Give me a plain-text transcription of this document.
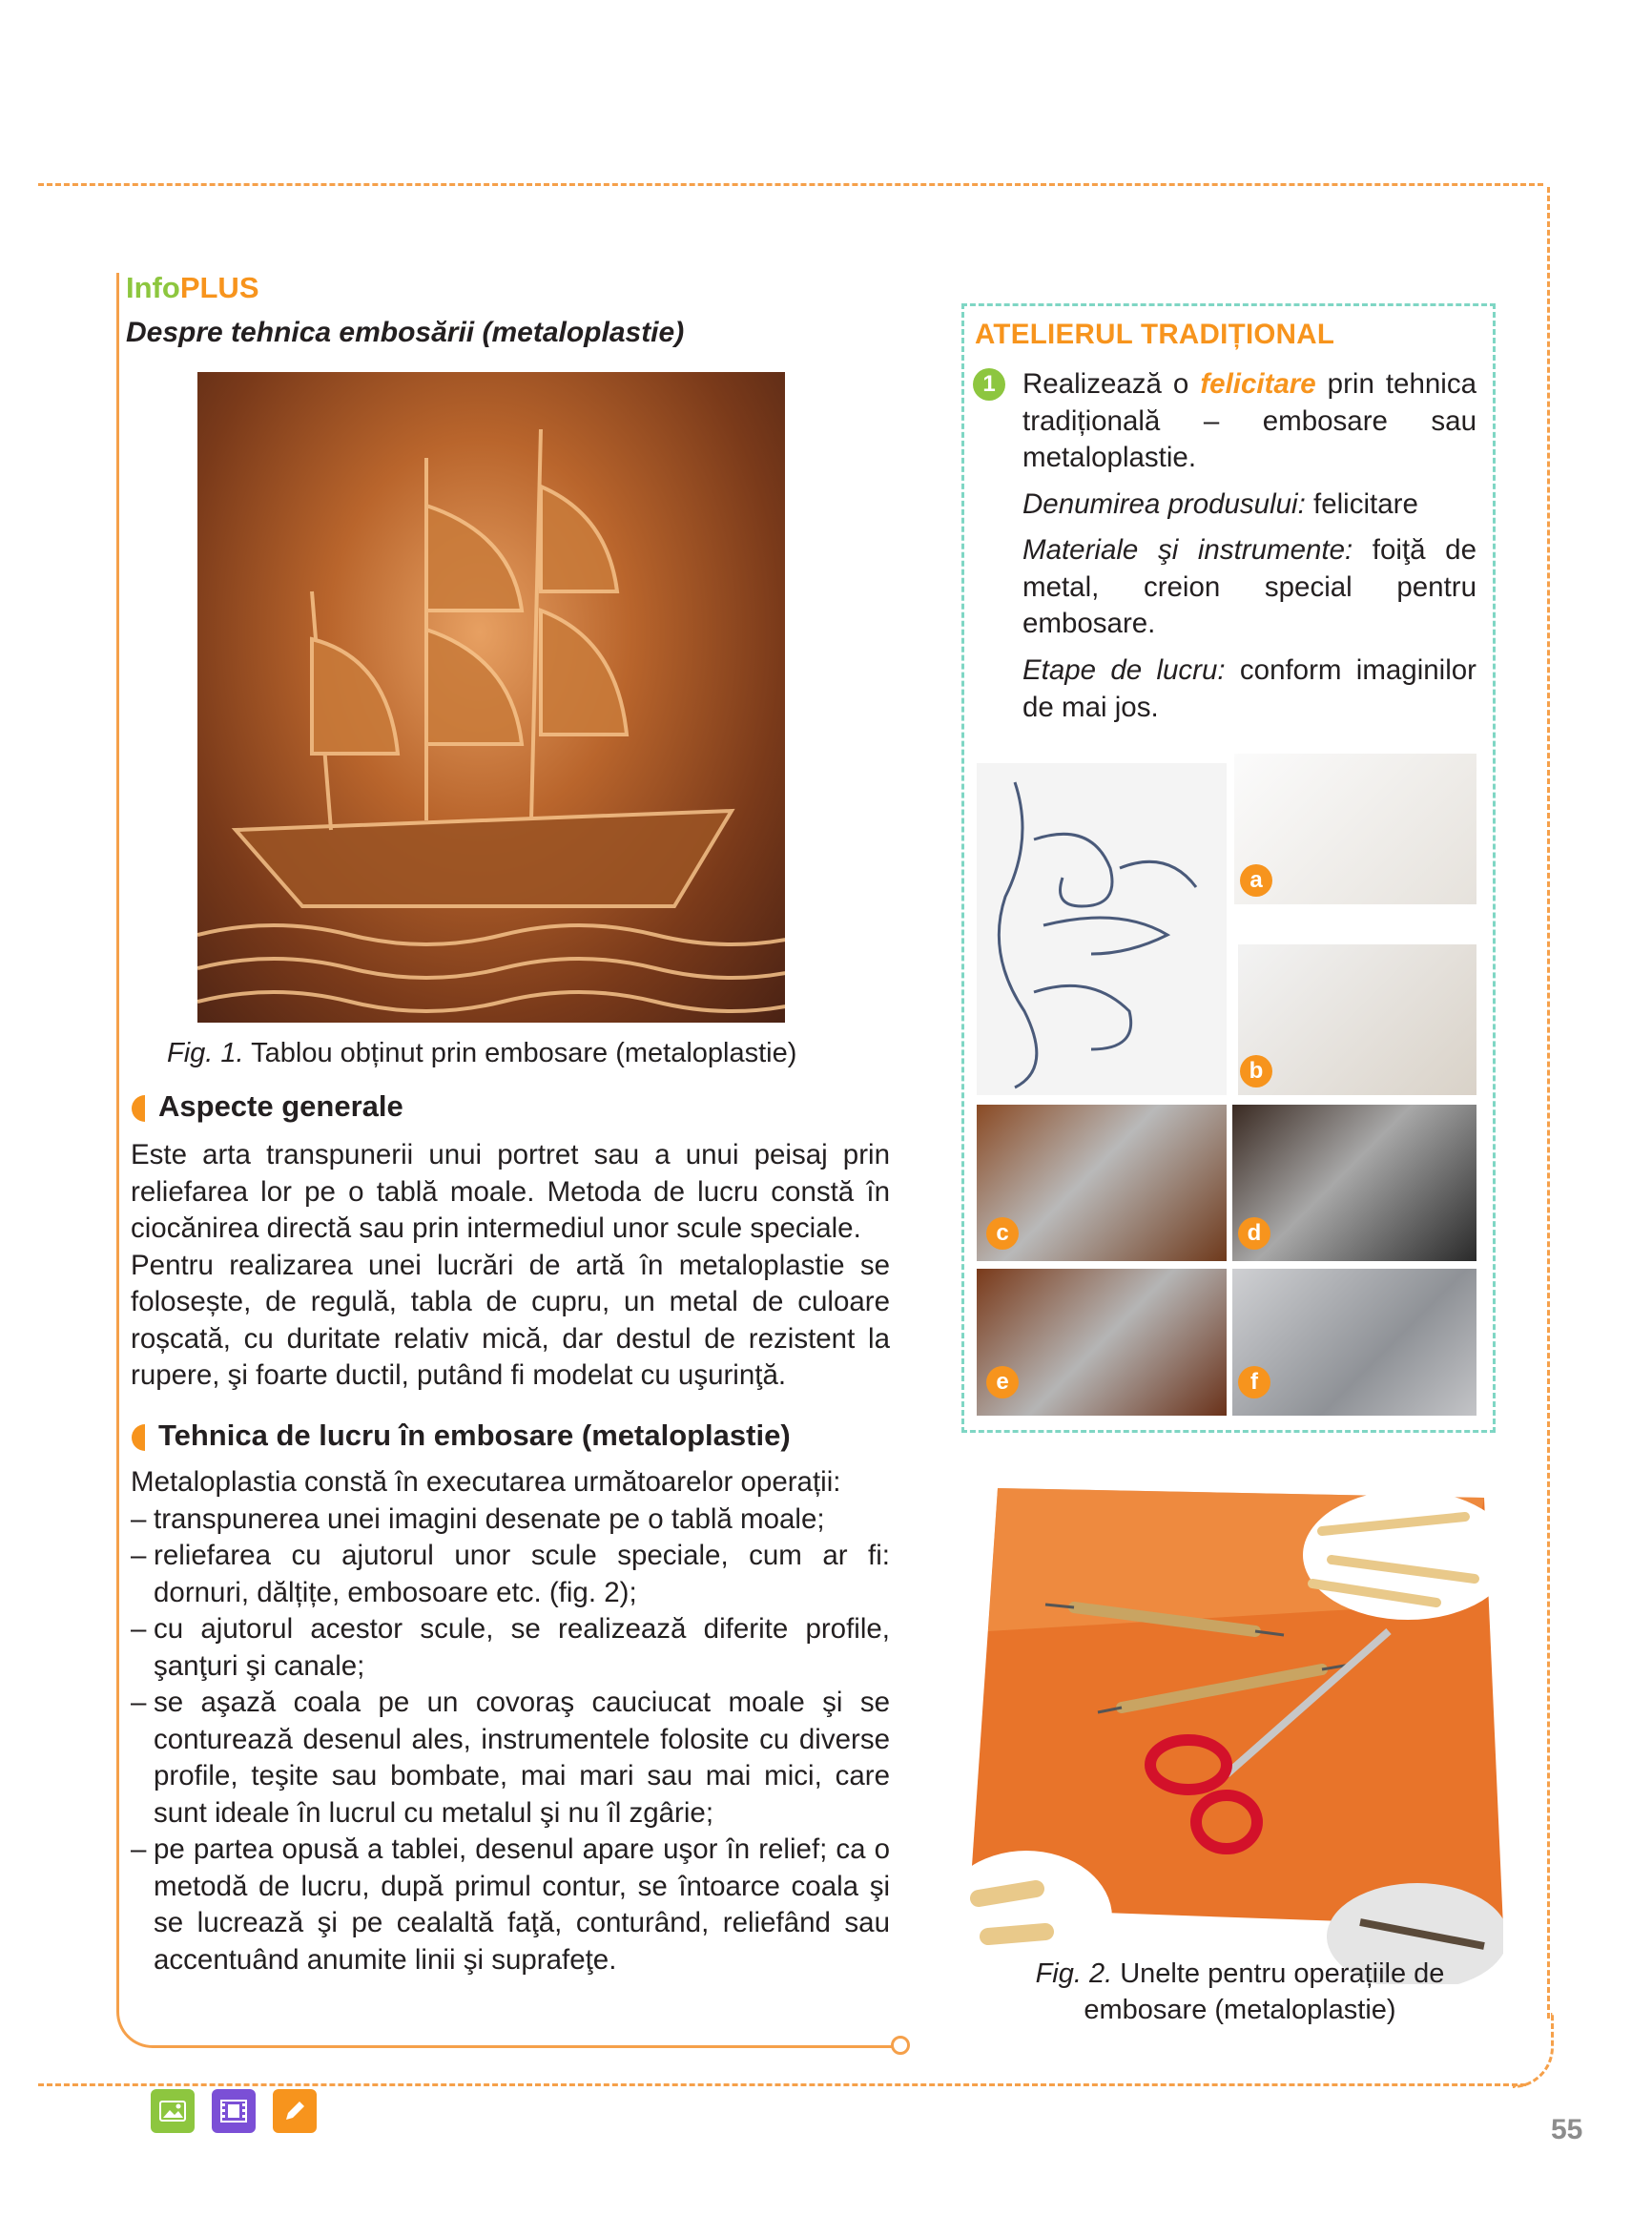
InfoPLUS
Despre tehnica embosării (metaloplastie)
Fig. 1. Tablou obținut prin embosare (metaloplastie)
Aspecte generale
Este arta transpunerii unui portret sau a unui peisaj prin reliefarea lor pe o tablă moale. Metoda de lucru constă în ciocănirea directă sau prin intermediul unor scule speciale.
Pentru realizarea unei lucrări de artă în metaloplastie se folosește, de regulă, tabla de cupru, un metal de culoare roșcată, cu duritate relativ mică, dar destul de rezistent la rupere, şi foarte ductil, putând fi modelat cu uşurinţă.
Tehnica de lucru în embosare (metaloplastie)
Metaloplastia constă în executarea următoarelor operații:
– transpunerea unei imagini desenate pe o tablă moale;
– reliefarea cu ajutorul unor scule speciale, cum ar fi: dornuri, dălțițe, embosoare etc. (fig. 2);
– cu ajutorul acestor scule, se realizează diferite profile, şanţuri şi canale;
– se aşază coala pe un covoraş cauciucat moale şi se conturează desenul ales, instrumentele folosite cu diverse profile, teşite sau bombate, mai mari sau mai mici, care sunt ideale în lucrul cu metalul şi nu îl zgârie;
– pe partea opusă a tablei, desenul apare uşor în relief; ca o metodă de lucru, după primul contur, se întoarce coala şi se lucrează şi pe cealaltă faţă, conturând, reliefând sau accentuând anumite linii şi suprafeţe.
ATELIERUL TRADIȚIONAL
1 Realizează o felicitare prin tehnica tradițională – embosare sau metaloplastie.
Denumirea produsului: felicitare
Materiale şi instrumente: foiţă de metal, creion special pentru embosare.
Etape de lucru: conform imaginilor de mai jos.
a
b
c	d
e	f
Fig. 2. Unelte pentru operațiile de embosare (metaloplastie)
55
